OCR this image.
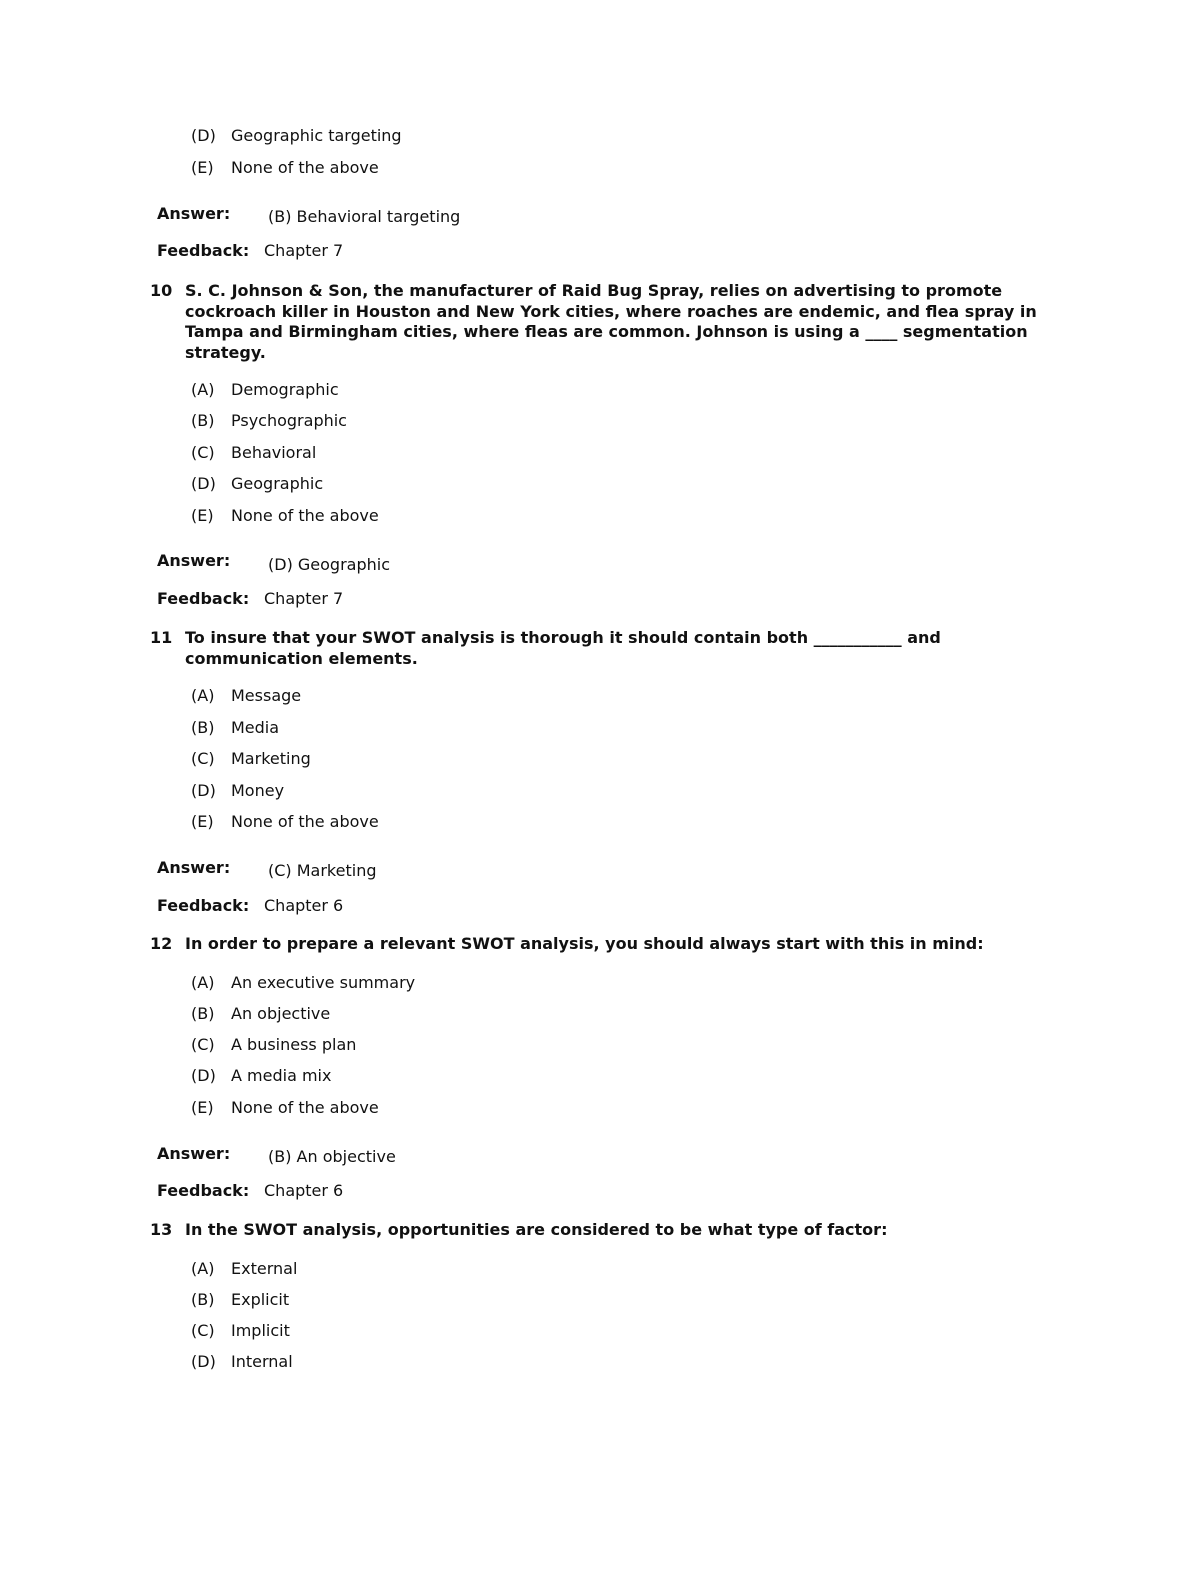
(D) Geographic targeting
(E) None of the above
Answer: (B) Behavioral targeting
Feedback: Chapter 7
10 S. C. Johnson & Son, the manufacturer of Raid Bug Spray, relies on advertising to promote cockroach killer in Houston and New York cities, where roaches are endemic, and flea spray in Tampa and Birmingham cities, where fleas are common. Johnson is using a ____ segmentation strategy.
(A) Demographic
(B) Psychographic
(C) Behavioral
(D) Geographic
(E) None of the above
Answer: (D) Geographic
Feedback: Chapter 7
11 To insure that your SWOT analysis is thorough it should contain both ___________ and communication elements.
(A) Message
(B) Media
(C) Marketing
(D) Money
(E) None of the above
Answer: (C) Marketing
Feedback: Chapter 6
12 In order to prepare a relevant SWOT analysis, you should always start with this in mind:
(A) An executive summary
(B) An objective
(C) A business plan
(D) A media mix
(E) None of the above
Answer: (B) An objective
Feedback: Chapter 6
13 In the SWOT analysis, opportunities are considered to be what type of factor:
(A) External
(B) Explicit
(C) Implicit
(D) Internal
